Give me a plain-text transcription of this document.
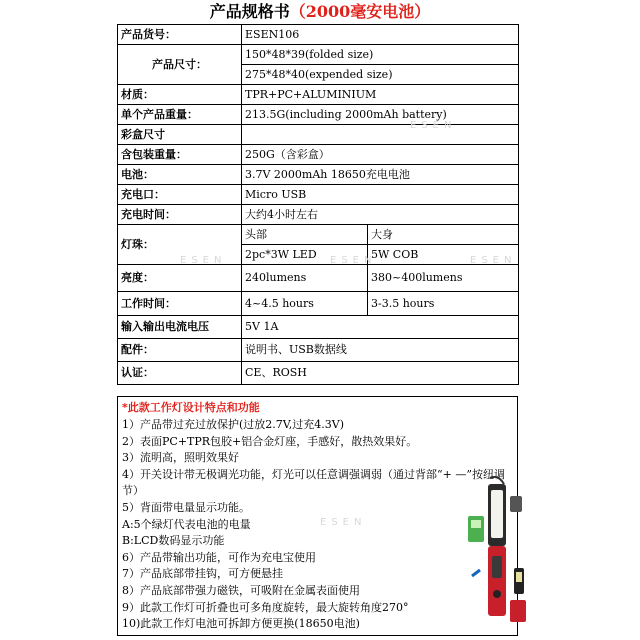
产品规格书（2000毫安电池）
产品货号：	ESEN106	
产品尺寸：	150*48*39(folded size)	
	275*48*40(expended size)	
材质：	TPR+PC+ALUMINIUM	
单个产品重量：	213.5G(including 2000mAh battery)	
彩盒尺寸		
含包装重量：	250G（含彩盒）	
电池：	3.7V 2000mAh 18650充电电池	
充电口：	Micro USB	
充电时间：	大约4小时左右	
灯珠：	头部	大身
	2pc*3W LED	5W COB
亮度：	240lumens	380~400lumens
工作时间：	4~4.5 hours	3-3.5 hours
输入输出电流电压	5V 1A	
配件：	说明书、USB数据线	
认证：	CE、ROSH	
*此款工作灯设计特点和功能
1）产品带过充过放保护(过放2.7V,过充4.3V)
2）表面PC+TPR包胶+铝合金灯座，手感好，散热效果好。
3）流明高，照明效果好
4）开关设计带无极调光功能，灯光可以任意调强调弱（通过背部“+ —”按纽调节）
5）背面带电量显示功能。
A:5个绿灯代表电池的电量
B:LCD数码显示功能
6）产品带输出功能，可作为充电宝使用
7）产品底部带挂钩，可方便悬挂
8）产品底部带强力磁铁，可吸附在金属表面使用
9）此款工作灯可折叠也可多角度旋转，最大旋转角度270°
10)此款工作灯电池可拆卸方便更换(18650电池)
ESEN
ESEN	ESEN	ESEN
ESEN
